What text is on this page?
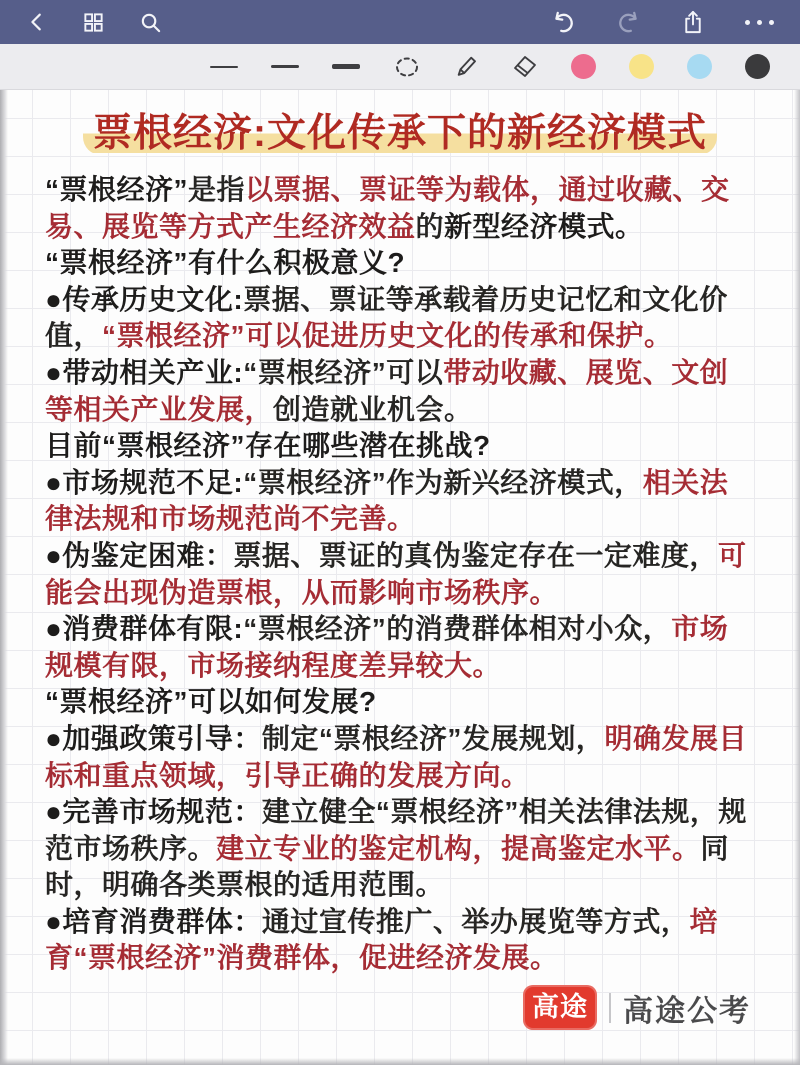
票根经济:文化传承下的新经济模式

“票根经济”是指以票据、票证等为载体，通过收藏、交易、展览等方式产生经济效益的新型经济模式。

“票根经济”有什么积极意义?

●传承历史文化:票据、票证等承载着历史记忆和文化价值，“票根经济”可以促进历史文化的传承和保护。

●带动相关产业:“票根经济”可以带动收藏、展览、文创等相关产业发展，创造就业机会。

目前“票根经济”存在哪些潜在挑战?

●市场规范不足:“票根经济”作为新兴经济模式，相关法律法规和市场规范尚不完善。

●伪鉴定困难：票据、票证的真伪鉴定存在一定难度，可能会出现伪造票根，从而影响市场秩序。

●消费群体有限:“票根经济”的消费群体相对小众，市场规模有限，市场接纳程度差异较大。

“票根经济”可以如何发展?

●加强政策引导：制定“票根经济”发展规划，明确发展目标和重点领域，引导正确的发展方向。

●完善市场规范：建立健全“票根经济”相关法律法规，规范市场秩序。建立专业的鉴定机构，提高鉴定水平。同时，明确各类票根的适用范围。

●培育消费群体：通过宣传推广、举办展览等方式，培育“票根经济”消费群体，促进经济发展。

高途	高途公考
